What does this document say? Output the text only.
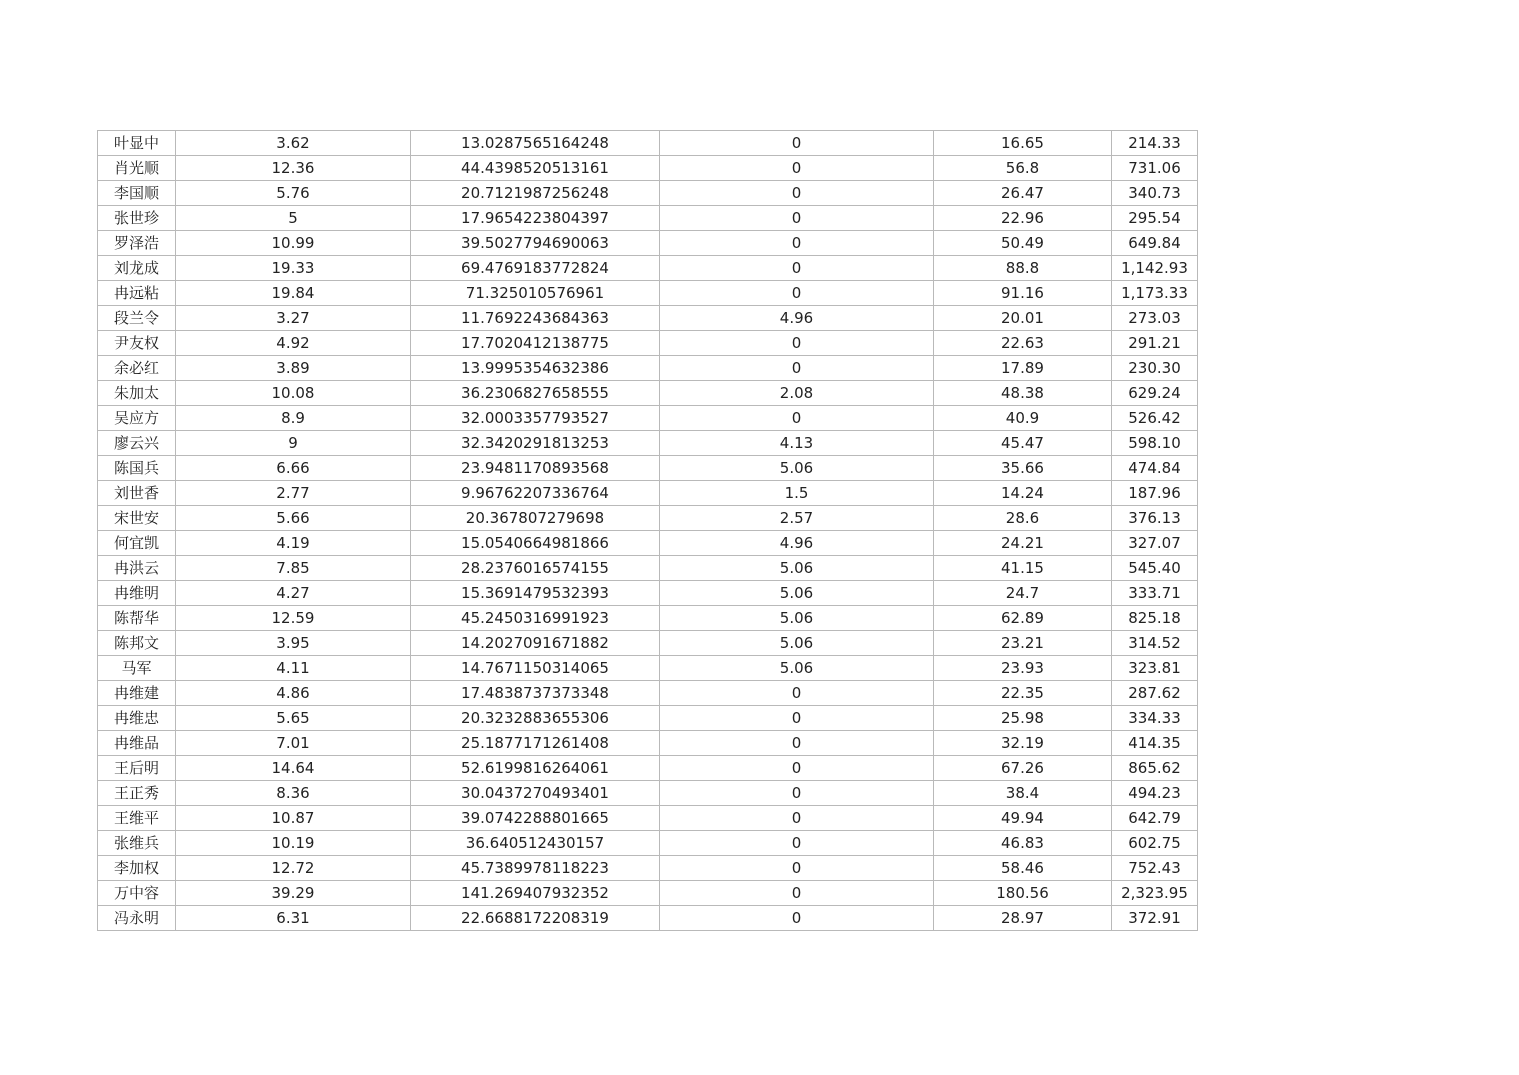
叶显中	3.62	13.0287565164248	0	16.65	214.33
肖光顺	12.36	44.4398520513161	0	56.8	731.06
李国顺	5.76	20.7121987256248	0	26.47	340.73
张世珍	5	17.9654223804397	0	22.96	295.54
罗泽浩	10.99	39.5027794690063	0	50.49	649.84
刘龙成	19.33	69.4769183772824	0	88.8	1,142.93
冉远粘	19.84	71.325010576961	0	91.16	1,173.33
段兰令	3.27	11.7692243684363	4.96	20.01	273.03
尹友权	4.92	17.7020412138775	0	22.63	291.21
余必红	3.89	13.9995354632386	0	17.89	230.30
朱加太	10.08	36.2306827658555	2.08	48.38	629.24
吴应方	8.9	32.0003357793527	0	40.9	526.42
廖云兴	9	32.3420291813253	4.13	45.47	598.10
陈国兵	6.66	23.9481170893568	5.06	35.66	474.84
刘世香	2.77	9.96762207336764	1.5	14.24	187.96
宋世安	5.66	20.367807279698	2.57	28.6	376.13
何宜凯	4.19	15.0540664981866	4.96	24.21	327.07
冉洪云	7.85	28.2376016574155	5.06	41.15	545.40
冉维明	4.27	15.3691479532393	5.06	24.7	333.71
陈帮华	12.59	45.2450316991923	5.06	62.89	825.18
陈邦文	3.95	14.2027091671882	5.06	23.21	314.52
马军	4.11	14.7671150314065	5.06	23.93	323.81
冉维建	4.86	17.4838737373348	0	22.35	287.62
冉维忠	5.65	20.3232883655306	0	25.98	334.33
冉维品	7.01	25.1877171261408	0	32.19	414.35
王后明	14.64	52.6199816264061	0	67.26	865.62
王正秀	8.36	30.0437270493401	0	38.4	494.23
王维平	10.87	39.0742288801665	0	49.94	642.79
张维兵	10.19	36.640512430157	0	46.83	602.75
李加权	12.72	45.7389978118223	0	58.46	752.43
万中容	39.29	141.269407932352	0	180.56	2,323.95
冯永明	6.31	22.6688172208319	0	28.97	372.91
